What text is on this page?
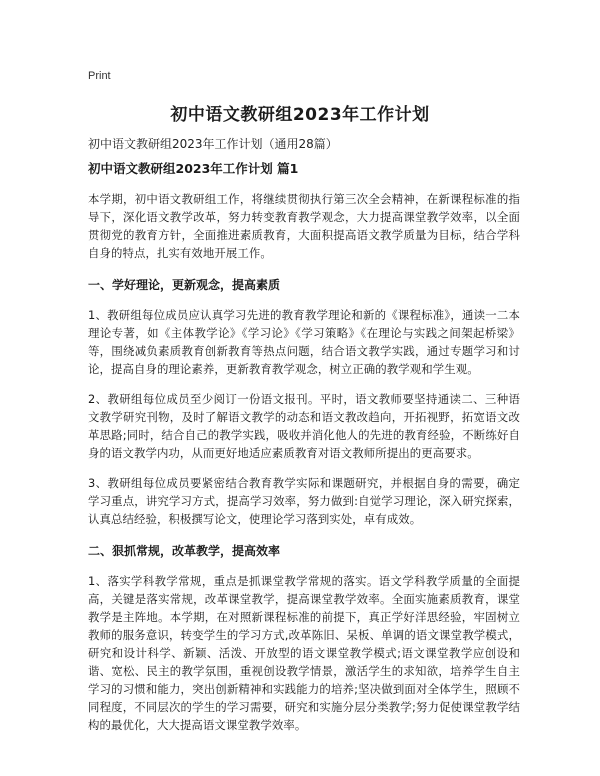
Print
初中语文教研组2023年工作计划
初中语文教研组2023年工作计划（通用28篇）
初中语文教研组2023年工作计划 篇1

本学期，初中语文教研组工作，将继续贯彻执行第三次全会精神，在新课程标准的指导下，深化语文教学改革，努力转变教育教学观念，大力提高课堂教学效率，以全面贯彻党的教育方针，全面推进素质教育，大面积提高语文教学质量为目标，结合学科自身的特点，扎实有效地开展工作。

一、学好理论，更新观念，提高素质

1、教研组每位成员应认真学习先进的教育教学理论和新的《课程标准》，通读一二本理论专著，如《主体教学论》《学习论》《学习策略》《在理论与实践之间架起桥梁》等，围绕减负素质教育创新教育等热点问题，结合语文教学实践，通过专题学习和讨论，提高自身的理论素养，更新教育教学观念，树立正确的教学观和学生观。

2、教研组每位成员至少阅订一份语文报刊。平时，语文教师要坚持通读二、三种语文教学研究刊物，及时了解语文教学的动态和语文教改趋向，开拓视野，拓宽语文改革思路;同时，结合自己的教学实践，吸收并消化他人的先进的教育经验，不断练好自身的语文教学内功，从而更好地适应素质教育对语文教师所提出的更高要求。

3、教研组每位成员要紧密结合教育教学实际和课题研究，并根据自身的需要，确定学习重点，讲究学习方式，提高学习效率，努力做到:自觉学习理论，深入研究探索，认真总结经验，积极撰写论文，使理论学习落到实处，卓有成效。

二、狠抓常规，改革教学，提高效率

1、落实学科教学常规，重点是抓课堂教学常规的落实。语文学科教学质量的全面提高，关键是落实常规，改革课堂教学，提高课堂教学效率。全面实施素质教育，课堂教学是主阵地。本学期，在对照新课程标准的前提下，真正学好洋思经验，牢固树立教师的服务意识，转变学生的学习方式,改革陈旧、呆板、单调的语文课堂教学模式，研究和设计科学、新颖、活泼、开放型的语文课堂教学模式;语文课堂教学应创设和谐、宽松、民主的教学氛围，重视创设教学情景，激活学生的求知欲，培养学生自主学习的习惯和能力，突出创新精神和实践能力的培养;坚决做到面对全体学生，照顾不同程度，不同层次的学生的学习需要，研究和实施分层分类教学;努力促使课堂教学结构的最优化，大大提高语文课堂教学效率。
